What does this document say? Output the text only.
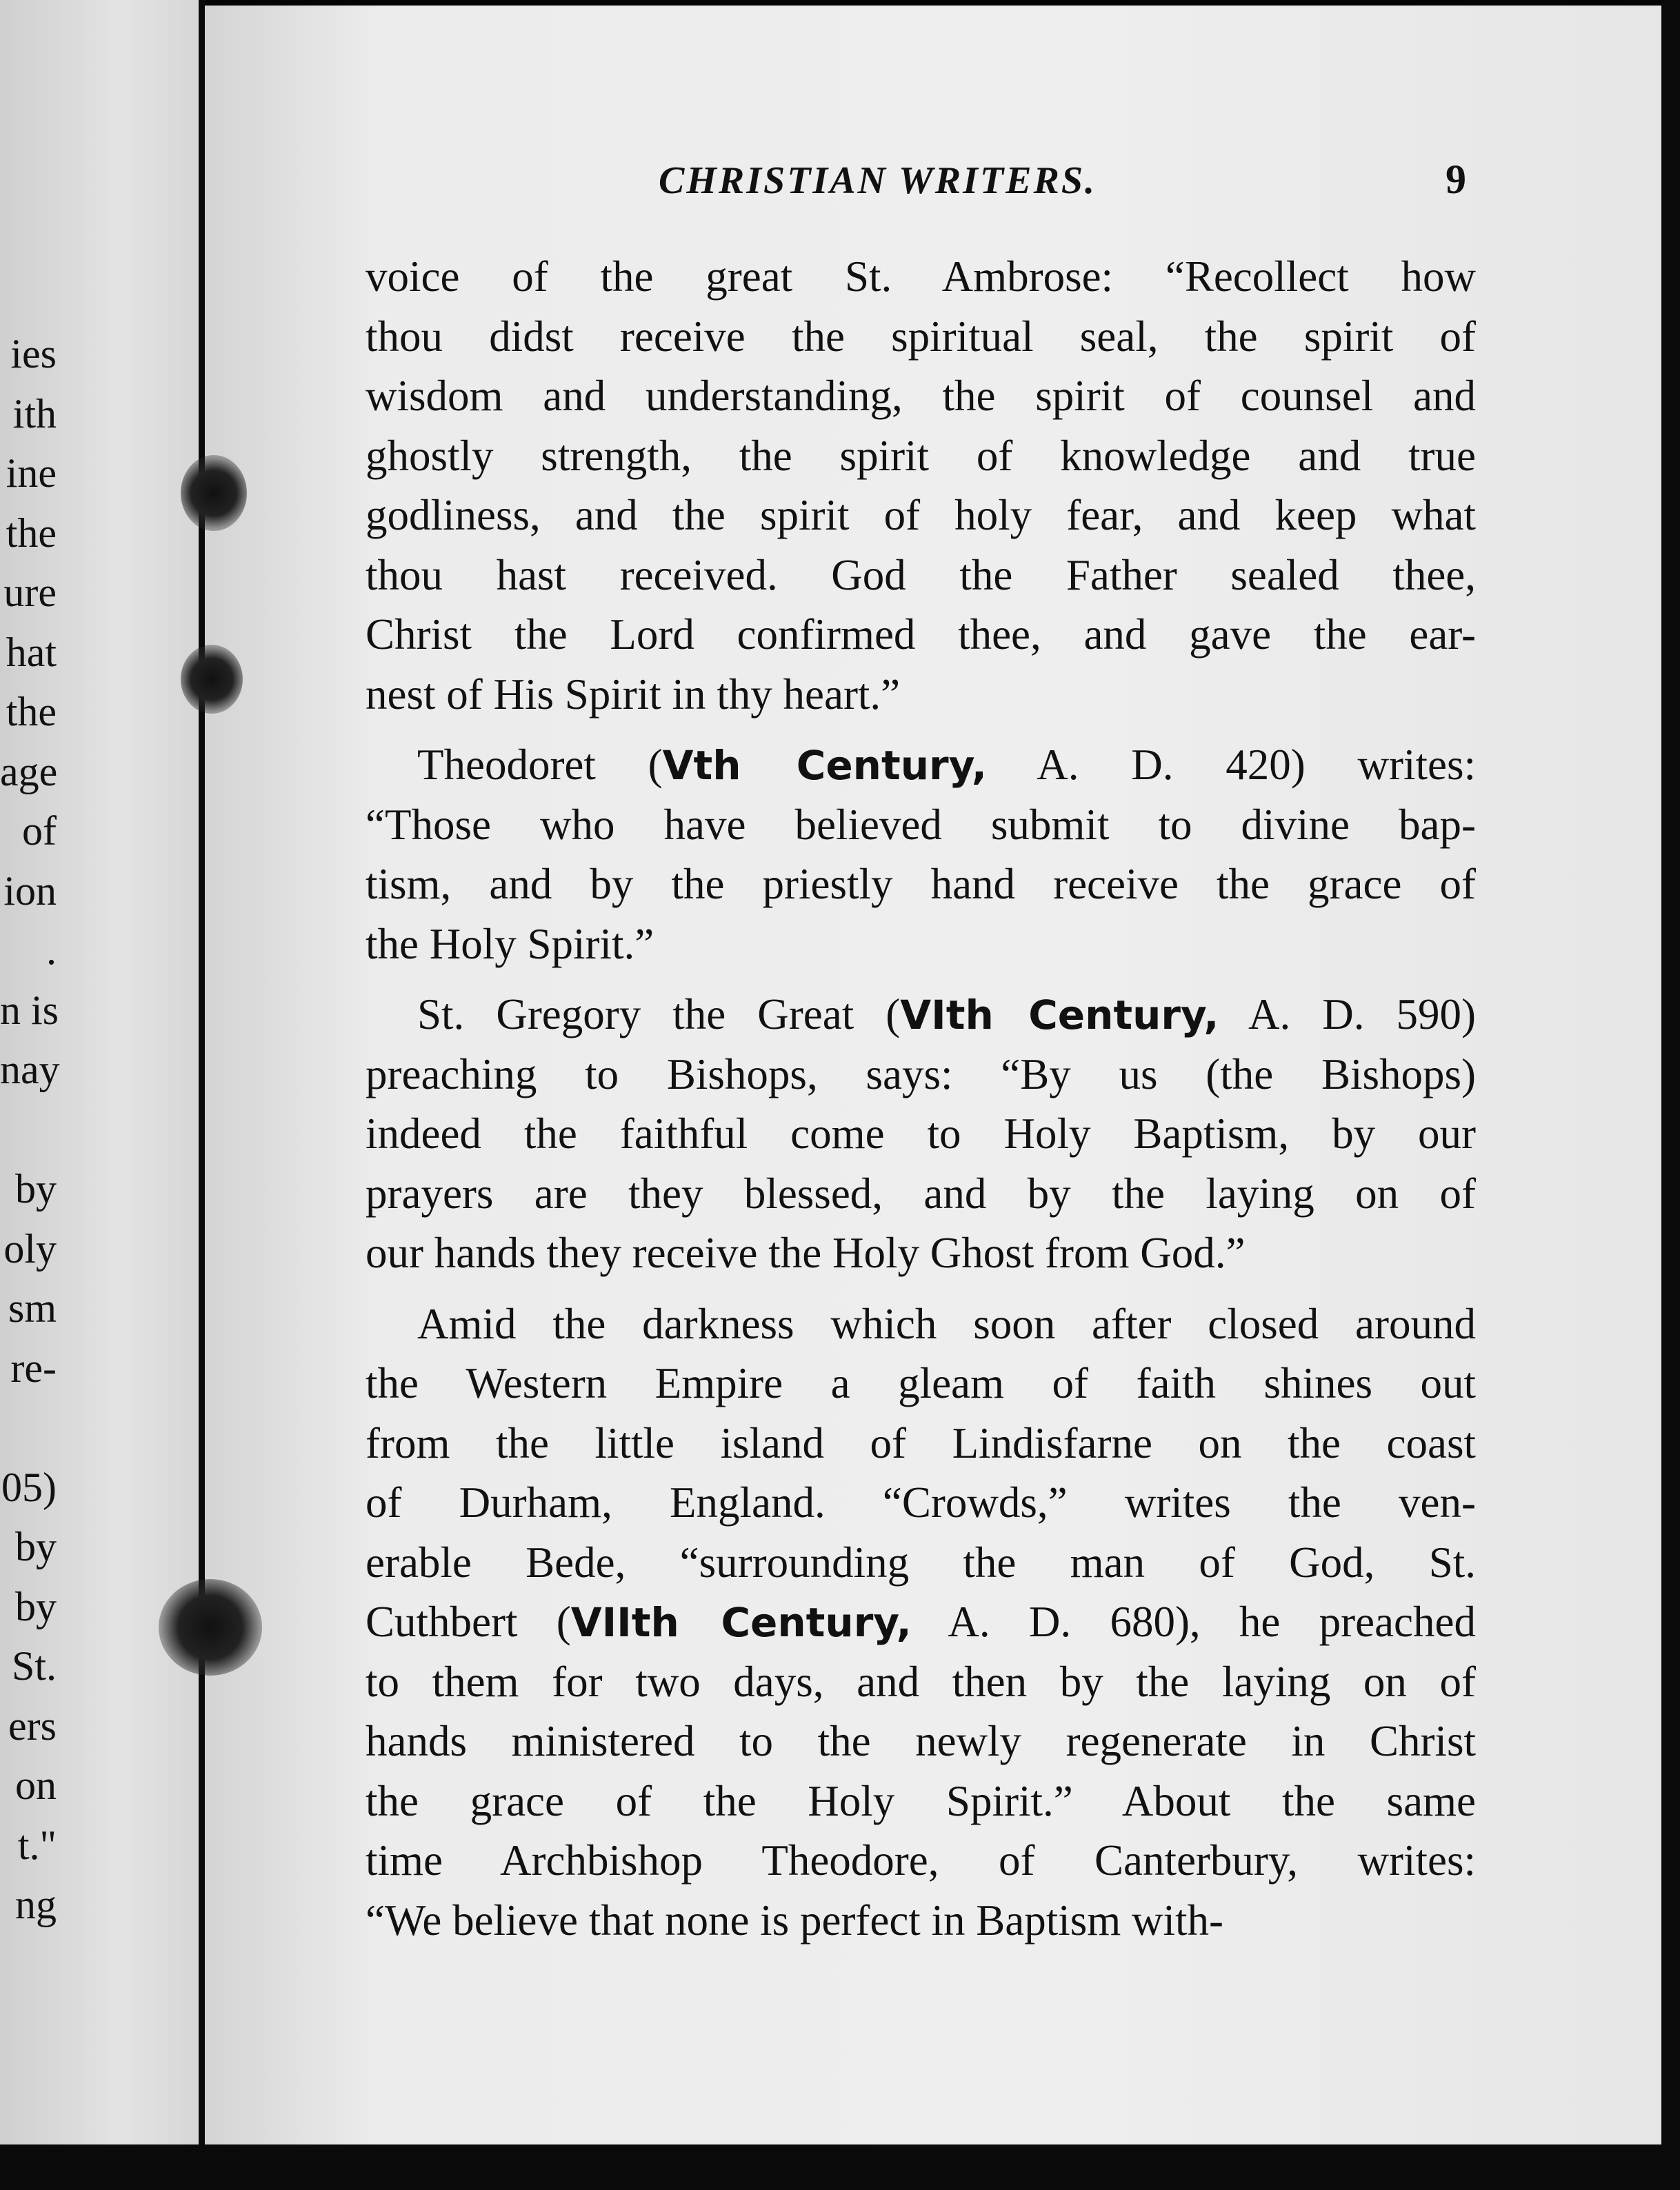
ies
ith
ine
the
ure
hat
the
age
of
ion
.
n is
nay
by
oly
sm
re-
05)
by
by
St.
ers
on
t."
ng
CHRISTIAN WRITERS.	9
voice of the great St. Ambrose: “Recollect how
thou didst receive the spiritual seal, the spirit of
wisdom and understanding, the spirit of counsel and
ghostly strength, the spirit of knowledge and true
godliness, and the spirit of holy fear, and keep what
thou hast received. God the Father sealed thee,
Christ the Lord confirmed thee, and gave the ear-
nest of His Spirit in thy heart.”
Theodoret (Vth Century, A. D. 420) writes:
“Those who have believed submit to divine bap-
tism, and by the priestly hand receive the grace of
the Holy Spirit.”
St. Gregory the Great (VIth Century, A. D. 590)
preaching to Bishops, says: “By us (the Bishops)
indeed the faithful come to Holy Baptism, by our
prayers are they blessed, and by the laying on of
our hands they receive the Holy Ghost from God.”
Amid the darkness which soon after closed around
the Western Empire a gleam of faith shines out
from the little island of Lindisfarne on the coast
of Durham, England. “Crowds,” writes the ven-
erable Bede, “surrounding the man of God, St.
Cuthbert (VIIth Century, A. D. 680), he preached
to them for two days, and then by the laying on of
hands ministered to the newly regenerate in Christ
the grace of the Holy Spirit.” About the same
time Archbishop Theodore, of Canterbury, writes:
“We believe that none is perfect in Baptism with-
